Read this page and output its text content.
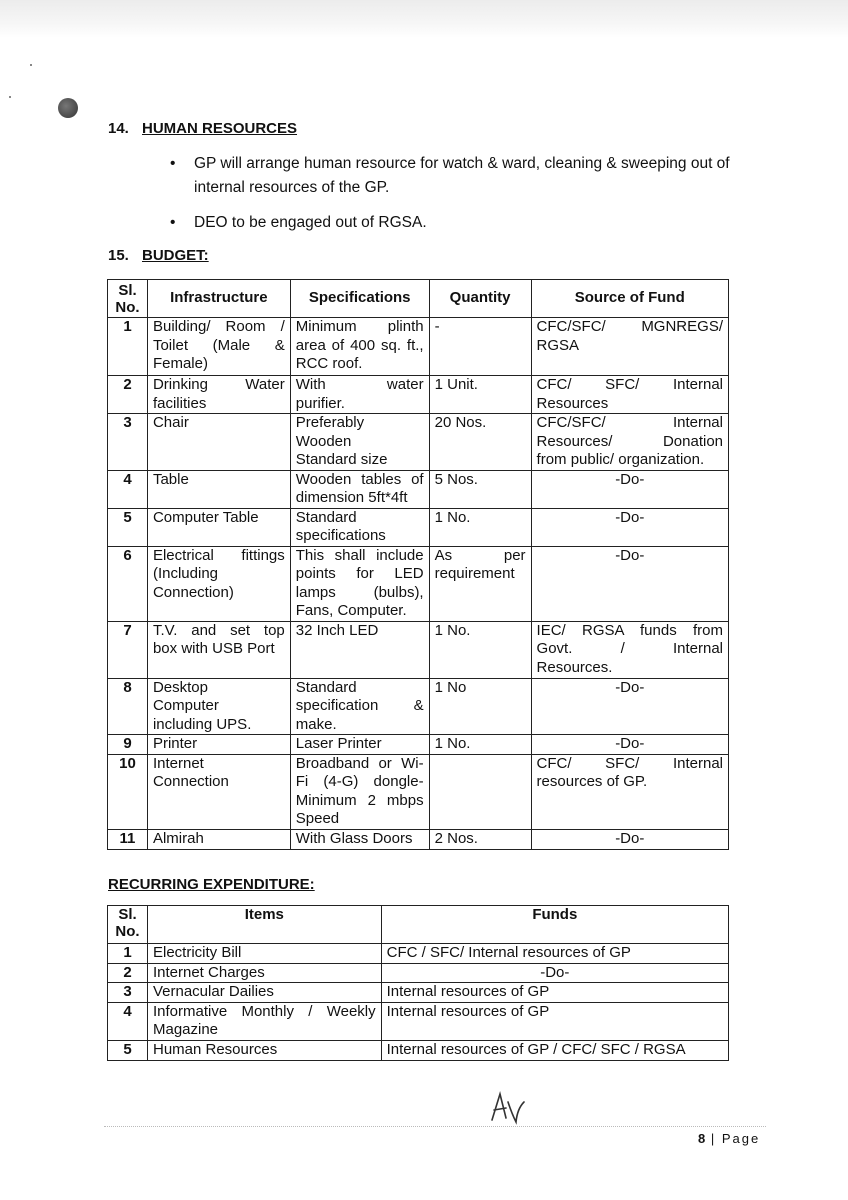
14. HUMAN RESOURCES
• GP will arrange human resource for watch & ward, cleaning & sweeping out of
internal resources of the GP.
• DEO to be engaged out of RGSA.
15. BUDGET:
Sl. No.	Infrastructure	Specifications	Quantity	Source of Fund
1	Building/ Room /
Toilet (Male &
Female)	Minimum plinth
area of 400 sq. ft.,
RCC roof.	-	CFC/SFC/ MGNREGS/
RGSA

2	Drinking Water
facilities	With water
purifier.	1 Unit.	CFC/ SFC/ Internal
Resources

3	Chair	Preferably
Wooden
Standard size	20 Nos.	CFC/SFC/ Internal
Resources/ Donation
from public/ organization.

4	Table	Wooden tables of
dimension 5ft*4ft	5 Nos.	-Do-

5	Computer Table	Standard
specifications	1 No.	-Do-

6	Electrical fittings
(Including
Connection)	This shall include
points for LED
lamps (bulbs),
Fans, Computer.	As per
requirement	-Do-

7	T.V. and set top
box with USB Port	32 Inch LED	1 No.	IEC/ RGSA funds from
Govt. / Internal
Resources.

8	Desktop
Computer
including UPS.	Standard
specification &
make.	1 No	-Do-

9	Printer	Laser Printer	1 No.	-Do-

10	Internet
Connection	Broadband or Wi-
Fi (4-G) dongle-
Minimum 2 mbps
Speed		CFC/ SFC/ Internal
resources of GP.

11	Almirah	With Glass Doors	2 Nos.	-Do-
RECURRING EXPENDITURE:
Sl. No.	Items	Funds
1	Electricity Bill	CFC / SFC/ Internal resources of GP
2	Internet Charges	-Do-
3	Vernacular Dailies	Internal resources of GP
4	Informative Monthly / Weekly
Magazine	Internal resources of GP
5	Human Resources	Internal resources of GP / CFC/ SFC / RGSA
8 | Page
